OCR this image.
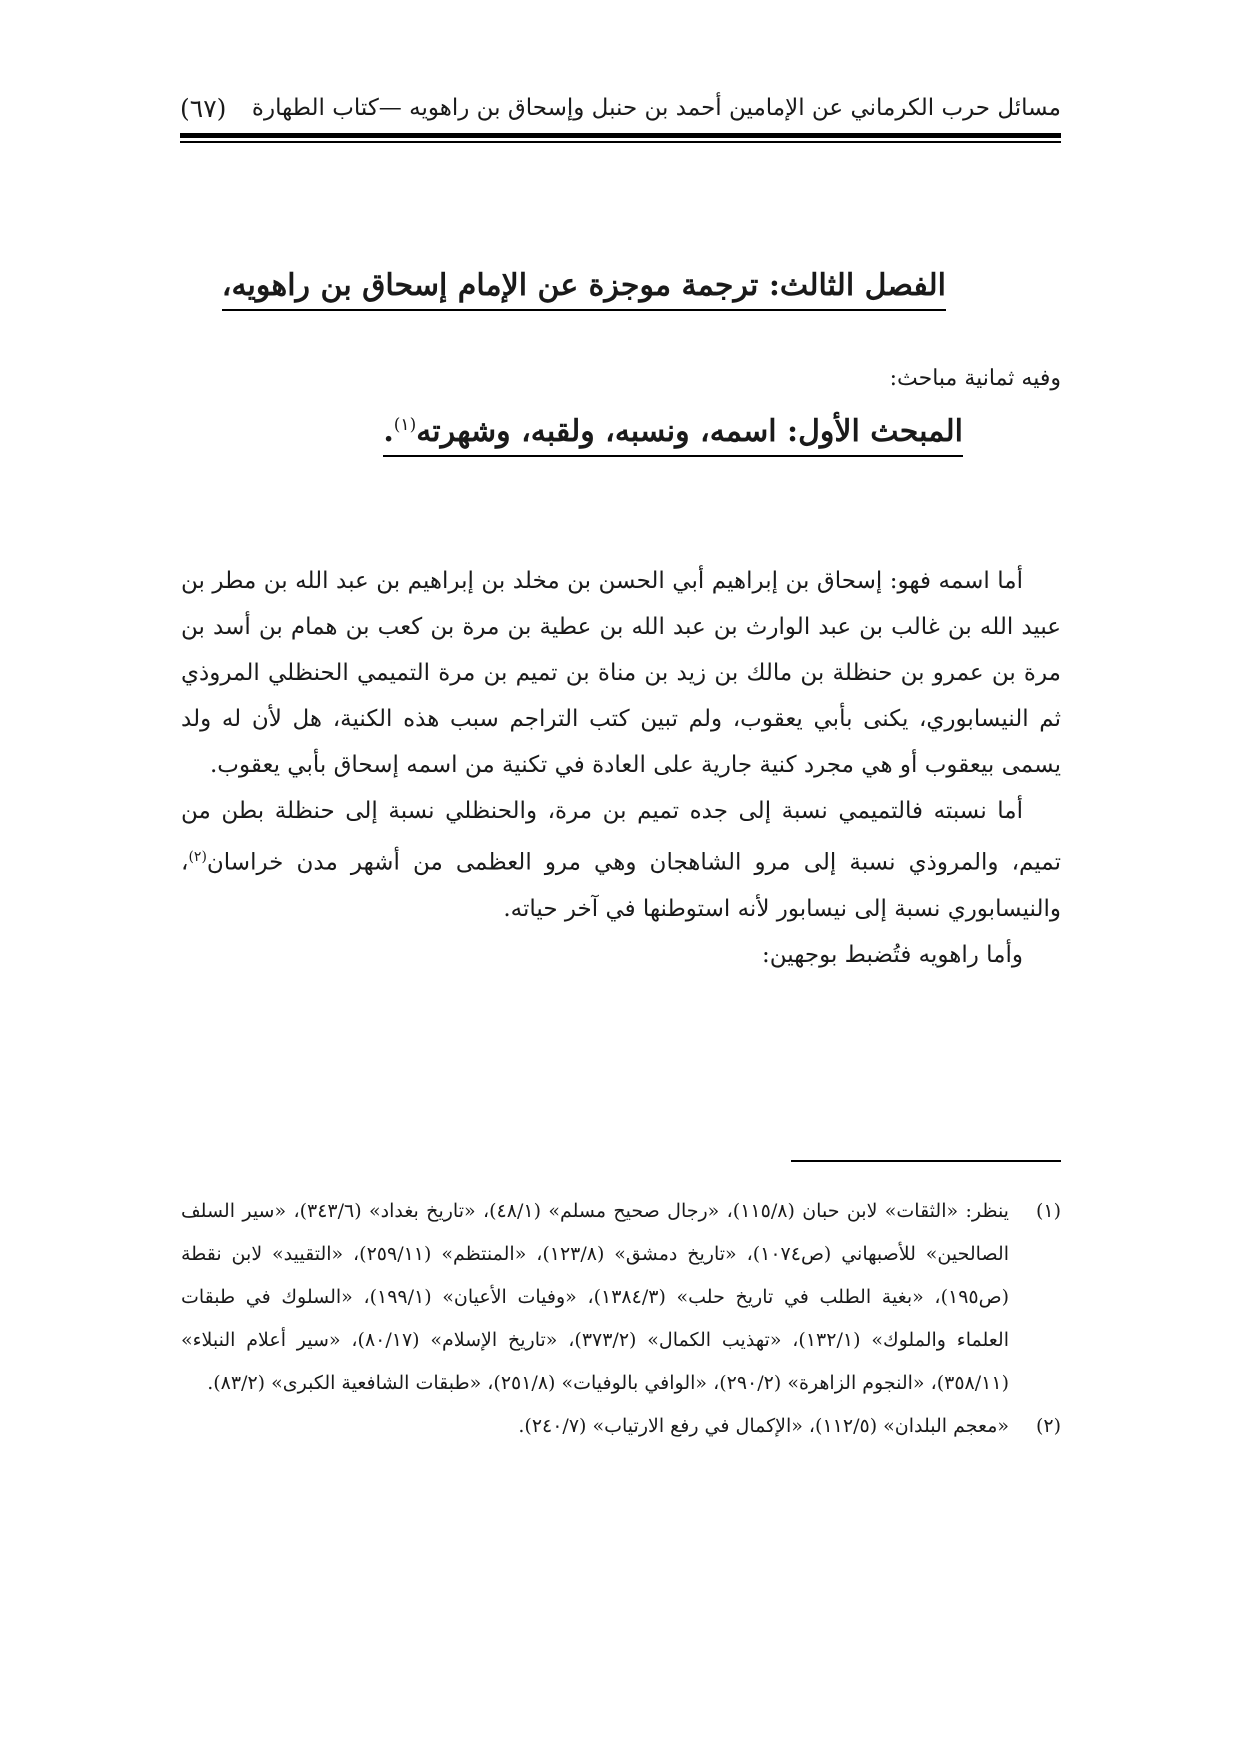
مسائل حرب الكرماني عن الإمامين أحمد بن حنبل وإسحاق بن راهويه —كتاب الطهارة
(٦٧)
الفصل الثالث: ترجمة موجزة عن الإمام إسحاق بن راهويه،
وفيه ثمانية مباحث:
المبحث الأول: اسمه، ونسبه، ولقبه، وشهرته$^{(١)}$.

أما اسمه فهو: إسحاق بن إبراهيم أبي الحسن بن مخلد بن إبراهيم بن عبد الله بن مطر بن عبيد الله بن غالب بن عبد الوارث بن عبد الله بن عطية بن مرة بن كعب بن همام بن أسد بن مرة بن عمرو بن حنظلة بن مالك بن زيد بن مناة بن تميم بن مرة التميمي الحنظلي المروذي ثم النيسابوري، يكنى بأبي يعقوب، ولم تبين كتب التراجم سبب هذه الكنية، هل لأن له ولد يسمى بيعقوب أو هي مجرد كنية جارية على العادة في تكنية من اسمه إسحاق بأبي يعقوب.

أما نسبته فالتميمي نسبة إلى جده تميم بن مرة، والحنظلي نسبة إلى حنظلة بطن من تميم، والمروذي نسبة إلى مرو الشاهجان وهي مرو العظمى من أشهر مدن خراسان$^{(٢)}$، والنيسابوري نسبة إلى نيسابور لأنه استوطنها في آخر حياته.

وأما راهويه فتُضبط بوجهين:

(١)
ينظر: «الثقات» لابن حبان (١١٥/٨)، «رجال صحيح مسلم» (٤٨/١)، «تاريخ بغداد» (٣٤٣/٦)، «سير السلف الصالحين» للأصبهاني (ص١٠٧٤)، «تاريخ دمشق» (١٢٣/٨)، «المنتظم» (٢٥٩/١١)، «التقييد» لابن نقطة (ص١٩٥)، «بغية الطلب في تاريخ حلب» (١٣٨٤/٣)، «وفيات الأعيان» (١٩٩/١)، «السلوك في طبقات العلماء والملوك» (١٣٢/١)، «تهذيب الكمال» (٣٧٣/٢)، «تاريخ الإسلام» (٨٠/١٧)، «سير أعلام النبلاء» (٣٥٨/١١)، «النجوم الزاهرة» (٢٩٠/٢)، «الوافي بالوفيات» (٢٥١/٨)، «طبقات الشافعية الكبرى» (٨٣/٢).
(٢)
«معجم البلدان» (١١٢/٥)، «الإكمال في رفع الارتياب» (٢٤٠/٧).
